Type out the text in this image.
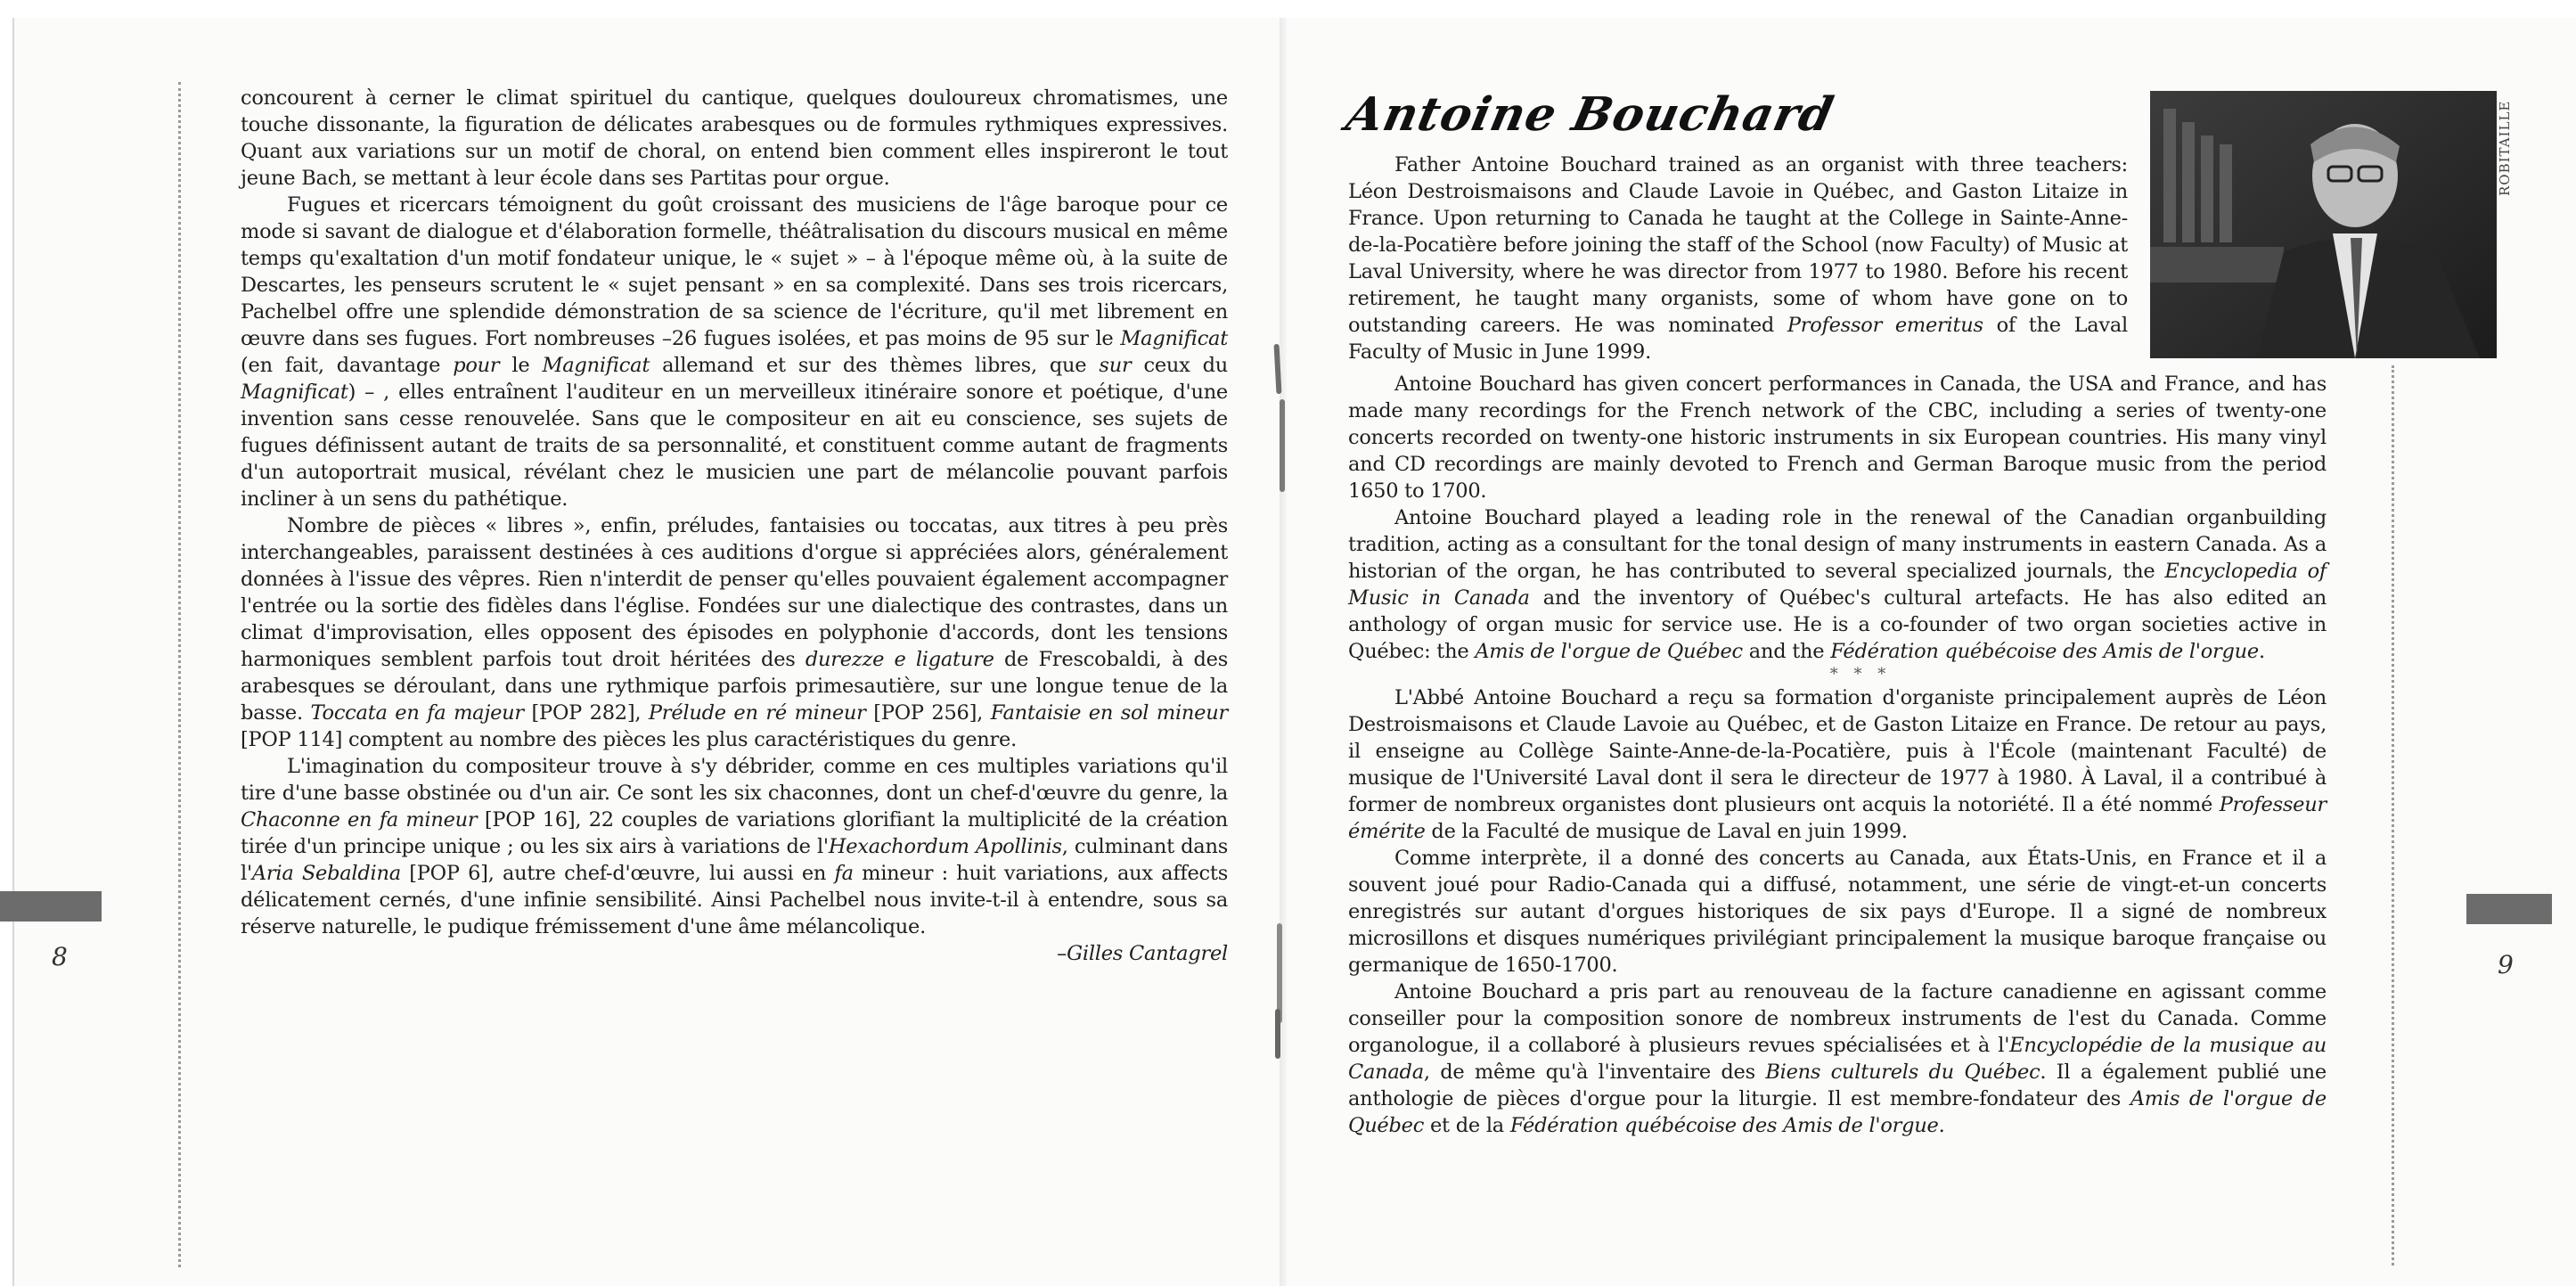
8	9

concourent à cerner le climat spirituel du cantique, quelques douloureux chromatismes, une touche dissonante, la figuration de délicates arabesques ou de formules rythmiques expressives. Quant aux variations sur un motif de choral, on entend bien comment elles inspireront le tout jeune Bach, se mettant à leur école dans ses Partitas pour orgue.

Fugues et ricercars témoignent du goût croissant des musiciens de l'âge baroque pour ce mode si savant de dialogue et d'élaboration formelle, théâtralisation du discours musical en même temps qu'exaltation d'un motif fondateur unique, le « sujet » – à l'époque même où, à la suite de Descartes, les penseurs scrutent le « sujet pensant » en sa complexité. Dans ses trois ricercars, Pachelbel offre une splendide démonstration de sa science de l'écriture, qu'il met librement en œuvre dans ses fugues. Fort nombreuses –26 fugues isolées, et pas moins de 95 sur le Magnificat (en fait, davantage pour le Magnificat allemand et sur des thèmes libres, que sur ceux du Magnificat) – , elles entraînent l'auditeur en un merveilleux itinéraire sonore et poétique, d'une invention sans cesse renouvelée. Sans que le compositeur en ait eu conscience, ses sujets de fugues définissent autant de traits de sa personnalité, et constituent comme autant de fragments d'un autoportrait musical, révélant chez le musicien une part de mélancolie pouvant parfois incliner à un sens du pathétique.

Nombre de pièces « libres », enfin, préludes, fantaisies ou toccatas, aux titres à peu près interchangeables, paraissent destinées à ces auditions d'orgue si appréciées alors, généralement données à l'issue des vêpres. Rien n'interdit de penser qu'elles pouvaient également accompagner l'entrée ou la sortie des fidèles dans l'église. Fondées sur une dialectique des contrastes, dans un climat d'improvisation, elles opposent des épisodes en polyphonie d'accords, dont les tensions harmoniques semblent parfois tout droit héritées des durezze e ligature de Frescobaldi, à des arabesques se déroulant, dans une rythmique parfois primesautière, sur une longue tenue de la basse. Toccata en fa majeur [POP 282], Prélude en ré mineur [POP 256], Fantaisie en sol mineur [POP 114] comptent au nombre des pièces les plus caractéristiques du genre.

L'imagination du compositeur trouve à s'y débrider, comme en ces multiples variations qu'il tire d'une basse obstinée ou d'un air. Ce sont les six chaconnes, dont un chef-d'œuvre du genre, la Chaconne en fa mineur [POP 16], 22 couples de variations glorifiant la multiplicité de la création tirée d'un principe unique ; ou les six airs à variations de l'Hexachordum Apollinis, culminant dans l'Aria Sebaldina [POP 6], autre chef-d'œuvre, lui aussi en fa mineur : huit variations, aux affects délicatement cernés, d'une infinie sensibilité. Ainsi Pachelbel nous invite-t-il à entendre, sous sa réserve naturelle, le pudique frémissement d'une âme mélancolique.

–Gilles Cantagrel

Antoine Bouchard	ROBITAILLE

Father Antoine Bouchard trained as an organist with three teachers: Léon Destroismaisons and Claude Lavoie in Québec, and Gaston Litaize in France. Upon returning to Canada he taught at the College in Sainte-Anne-de-la-Pocatière before joining the staff of the School (now Faculty) of Music at Laval University, where he was director from 1977 to 1980. Before his recent retirement, he taught many organists, some of whom have gone on to outstanding careers. He was nominated Professor emeritus of the Laval Faculty of Music in June 1999.

Antoine Bouchard has given concert performances in Canada, the USA and France, and has made many recordings for the French network of the CBC, including a series of twenty-one concerts recorded on twenty-one historic instruments in six European countries. His many vinyl and CD recordings are mainly devoted to French and German Baroque music from the period 1650 to 1700.

Antoine Bouchard played a leading role in the renewal of the Canadian organbuilding tradition, acting as a consultant for the tonal design of many instruments in eastern Canada. As a historian of the organ, he has contributed to several specialized journals, the Encyclopedia of Music in Canada and the inventory of Québec's cultural artefacts. He has also edited an anthology of organ music for service use. He is a co-founder of two organ societies active in Québec: the Amis de l'orgue de Québec and the Fédération québécoise des Amis de l'orgue.

* * *

L'Abbé Antoine Bouchard a reçu sa formation d'organiste principalement auprès de Léon Destroismaisons et Claude Lavoie au Québec, et de Gaston Litaize en France. De retour au pays, il enseigne au Collège Sainte-Anne-de-la-Pocatière, puis à l'École (maintenant Faculté) de musique de l'Université Laval dont il sera le directeur de 1977 à 1980. À Laval, il a contribué à former de nombreux organistes dont plusieurs ont acquis la notoriété. Il a été nommé Professeur émérite de la Faculté de musique de Laval en juin 1999.

Comme interprète, il a donné des concerts au Canada, aux États-Unis, en France et il a souvent joué pour Radio-Canada qui a diffusé, notamment, une série de vingt-et-un concerts enregistrés sur autant d'orgues historiques de six pays d'Europe. Il a signé de nombreux microsillons et disques numériques privilégiant principalement la musique baroque française ou germanique de 1650-1700.

Antoine Bouchard a pris part au renouveau de la facture canadienne en agissant comme conseiller pour la composition sonore de nombreux instruments de l'est du Canada. Comme organologue, il a collaboré à plusieurs revues spécialisées et à l'Encyclopédie de la musique au Canada, de même qu'à l'inventaire des Biens culturels du Québec. Il a également publié une anthologie de pièces d'orgue pour la liturgie. Il est membre-fondateur des Amis de l'orgue de Québec et de la Fédération québécoise des Amis de l'orgue.
